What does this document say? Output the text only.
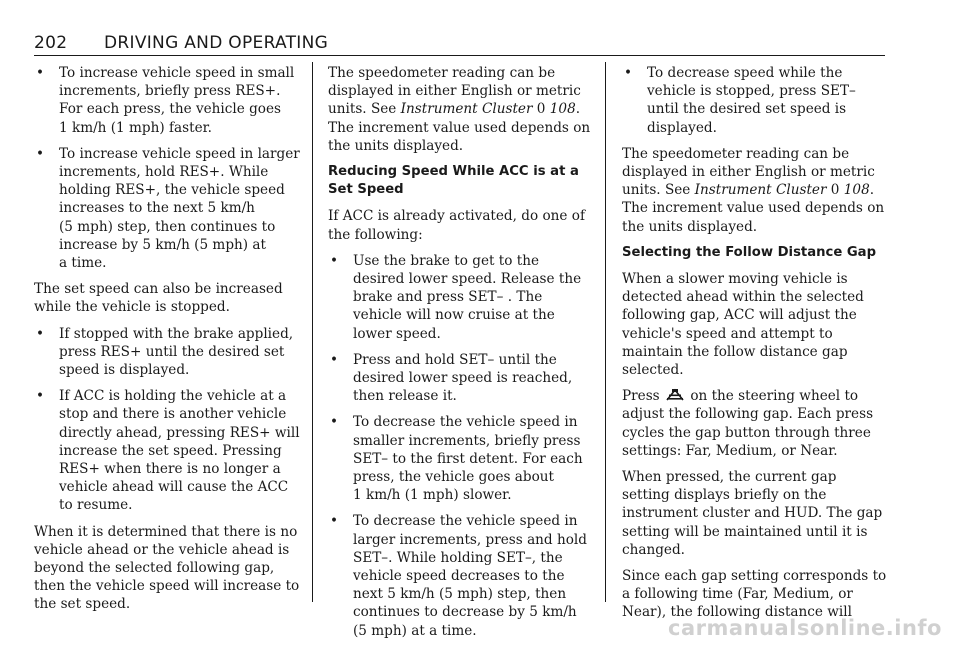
202 DRIVING AND OPERATING
• To increase vehicle speed in small increments, briefly press RES+. For each press, the vehicle goes
1 km/h (1 mph) faster.
• To increase vehicle speed in larger increments, hold RES+. While holding RES+, the vehicle speed increases to the next 5 km/h
(5 mph) step, then continues to increase by 5 km/h (5 mph) at
a time.

The set speed can also be increased while the vehicle is stopped.

• If stopped with the brake applied, press RES+ until the desired set speed is displayed.
• If ACC is holding the vehicle at a stop and there is another vehicle directly ahead, pressing RES+ will increase the set speed. Pressing RES+ when there is no longer a vehicle ahead will cause the ACC to resume.

When it is determined that there is no vehicle ahead or the vehicle ahead is beyond the selected following gap, then the vehicle speed will increase to the set speed.

The speedometer reading can be displayed in either English or metric units. See Instrument Cluster 0 108.
The increment value used depends on the units displayed.

Reducing Speed While ACC is at a Set Speed

If ACC is already activated, do one of the following:

• Use the brake to get to the desired lower speed. Release the brake and press SET– . The vehicle will now cruise at the lower speed.
• Press and hold SET– until the desired lower speed is reached, then release it.
• To decrease the vehicle speed in smaller increments, briefly press SET– to the first detent. For each press, the vehicle goes about
1 km/h (1 mph) slower.
• To decrease the vehicle speed in larger increments, press and hold SET–. While holding SET–, the vehicle speed decreases to the
next 5 km/h (5 mph) step, then continues to decrease by 5 km/h (5 mph) at a time.
• To decrease speed while the vehicle is stopped, press SET– until the desired set speed is displayed.

The speedometer reading can be displayed in either English or metric units. See Instrument Cluster 0 108.
The increment value used depends on the units displayed.

Selecting the Follow Distance Gap

When a slower moving vehicle is detected ahead within the selected following gap, ACC will adjust the vehicle's speed and attempt to maintain the follow distance gap selected.

Press on the steering wheel to adjust the following gap. Each press cycles the gap button through three settings: Far, Medium, or Near.

When pressed, the current gap setting displays briefly on the instrument cluster and HUD. The gap setting will be maintained until it is changed.

Since each gap setting corresponds to a following time (Far, Medium, or Near), the following distance will

carmanualsonline.info
